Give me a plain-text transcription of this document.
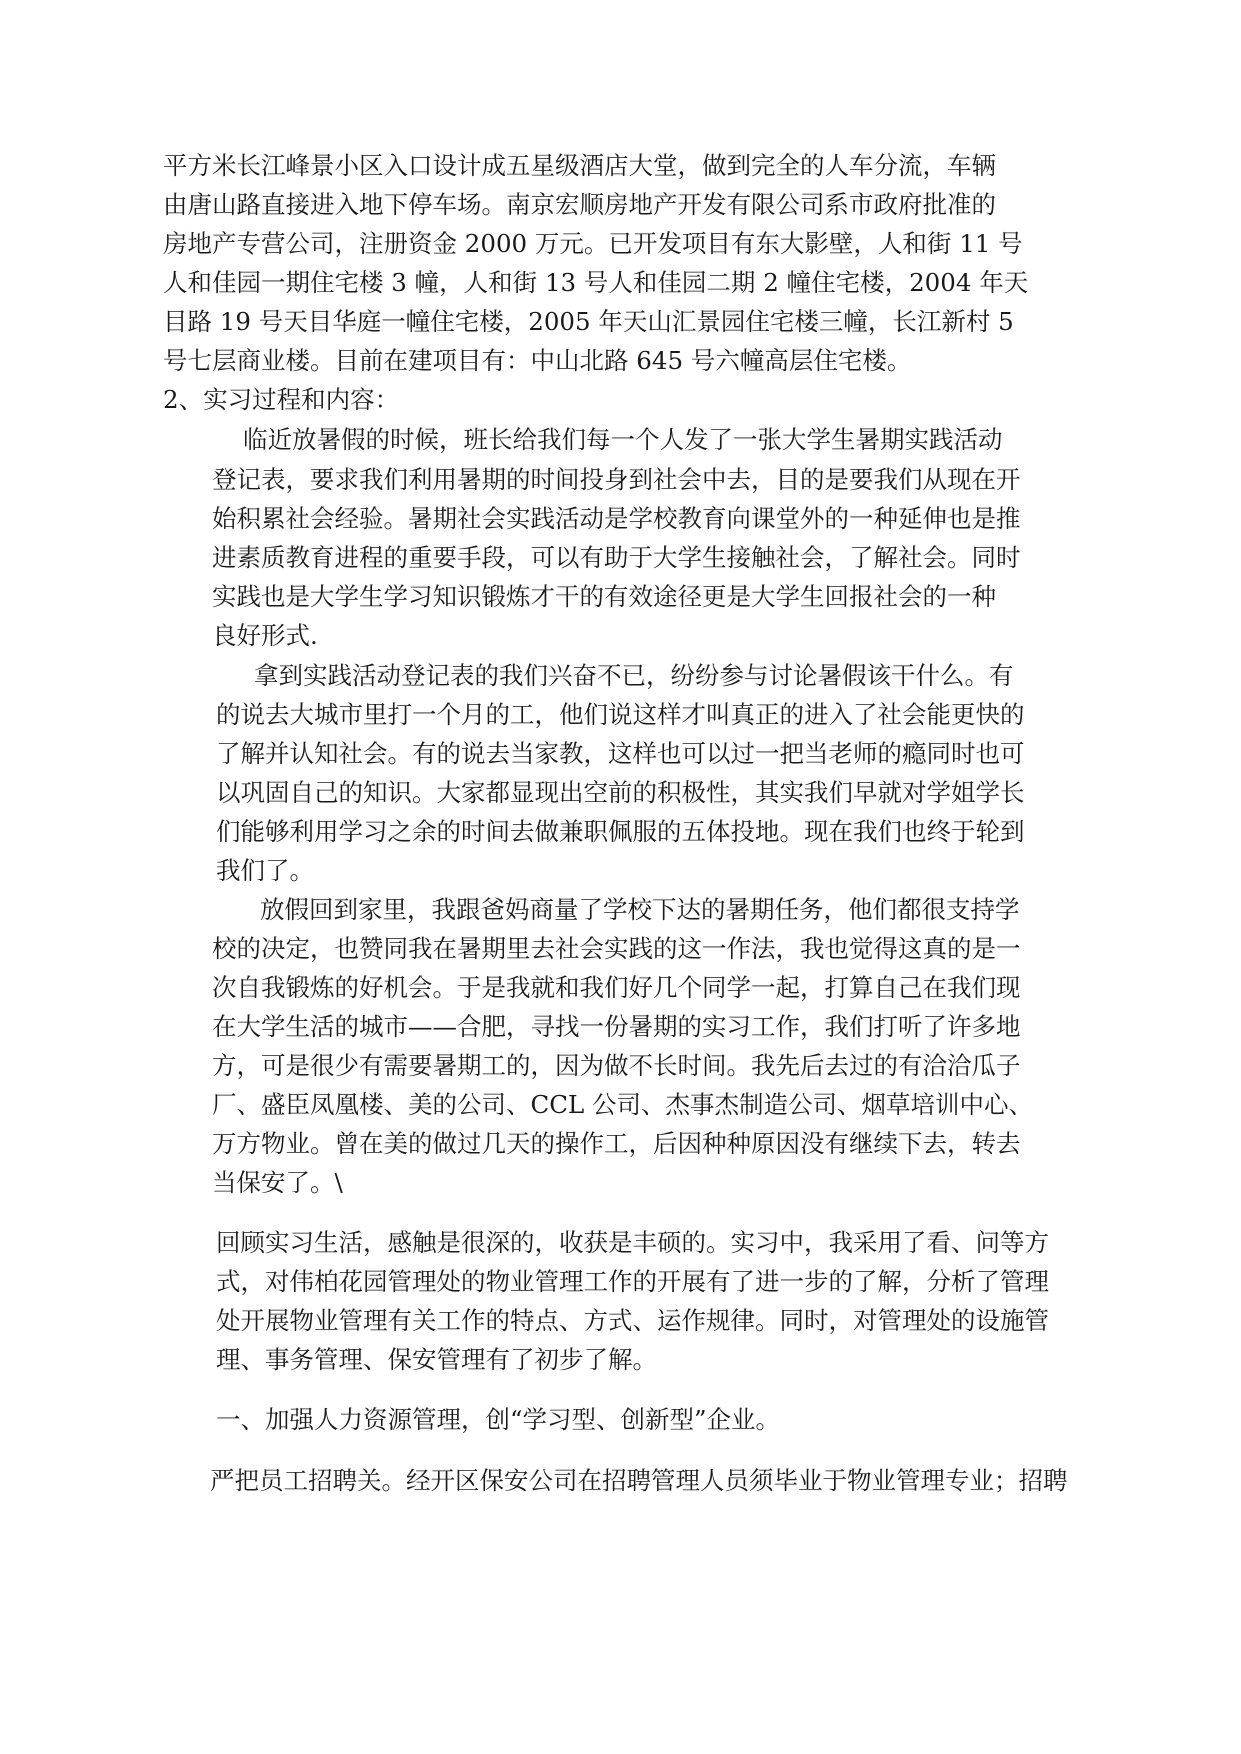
平方米长江峰景小区入口设计成五星级酒店大堂，做到完全的人车分流，车辆

由唐山路直接进入地下停车场。南京宏顺房地产开发有限公司系市政府批准的

房地产专营公司，注册资金 2000 万元。已开发项目有东大影壁，人和街 11 号

人和佳园一期住宅楼 3 幢，人和街 13 号人和佳园二期 2 幢住宅楼，2004 年天

目路 19 号天目华庭一幢住宅楼，2005 年天山汇景园住宅楼三幢，长江新村 5

号七层商业楼。目前在建项目有：中山北路 645 号六幢高层住宅楼。

2、实习过程和内容：

临近放暑假的时候，班长给我们每一个人发了一张大学生暑期实践活动

登记表，要求我们利用暑期的时间投身到社会中去，目的是要我们从现在开

始积累社会经验。暑期社会实践活动是学校教育向课堂外的一种延伸也是推

进素质教育进程的重要手段，可以有助于大学生接触社会，了解社会。同时

实践也是大学生学习知识锻炼才干的有效途径更是大学生回报社会的一种

良好形式.

拿到实践活动登记表的我们兴奋不已，纷纷参与讨论暑假该干什么。有

的说去大城市里打一个月的工，他们说这样才叫真正的进入了社会能更快的

了解并认知社会。有的说去当家教，这样也可以过一把当老师的瘾同时也可

以巩固自己的知识。大家都显现出空前的积极性，其实我们早就对学姐学长

们能够利用学习之余的时间去做兼职佩服的五体投地。现在我们也终于轮到

我们了。

放假回到家里，我跟爸妈商量了学校下达的暑期任务，他们都很支持学

校的决定，也赞同我在暑期里去社会实践的这一作法，我也觉得这真的是一

次自我锻炼的好机会。于是我就和我们好几个同学一起，打算自己在我们现

在大学生活的城市——合肥，寻找一份暑期的实习工作，我们打听了许多地

方，可是很少有需要暑期工的，因为做不长时间。我先后去过的有洽洽瓜子

厂、盛臣凤凰楼、美的公司、CCL 公司、杰事杰制造公司、烟草培训中心、

万方物业。曾在美的做过几天的操作工，后因种种原因没有继续下去，转去

当保安了。\

回顾实习生活，感触是很深的，收获是丰硕的。实习中，我采用了看、问等方

式，对伟柏花园管理处的物业管理工作的开展有了进一步的了解，分析了管理

处开展物业管理有关工作的特点、方式、运作规律。同时，对管理处的设施管

理、事务管理、保安管理有了初步了解。

一、加强人力资源管理，创“学习型、创新型”企业。

严把员工招聘关。经开区保安公司在招聘管理人员须毕业于物业管理专业；招聘
